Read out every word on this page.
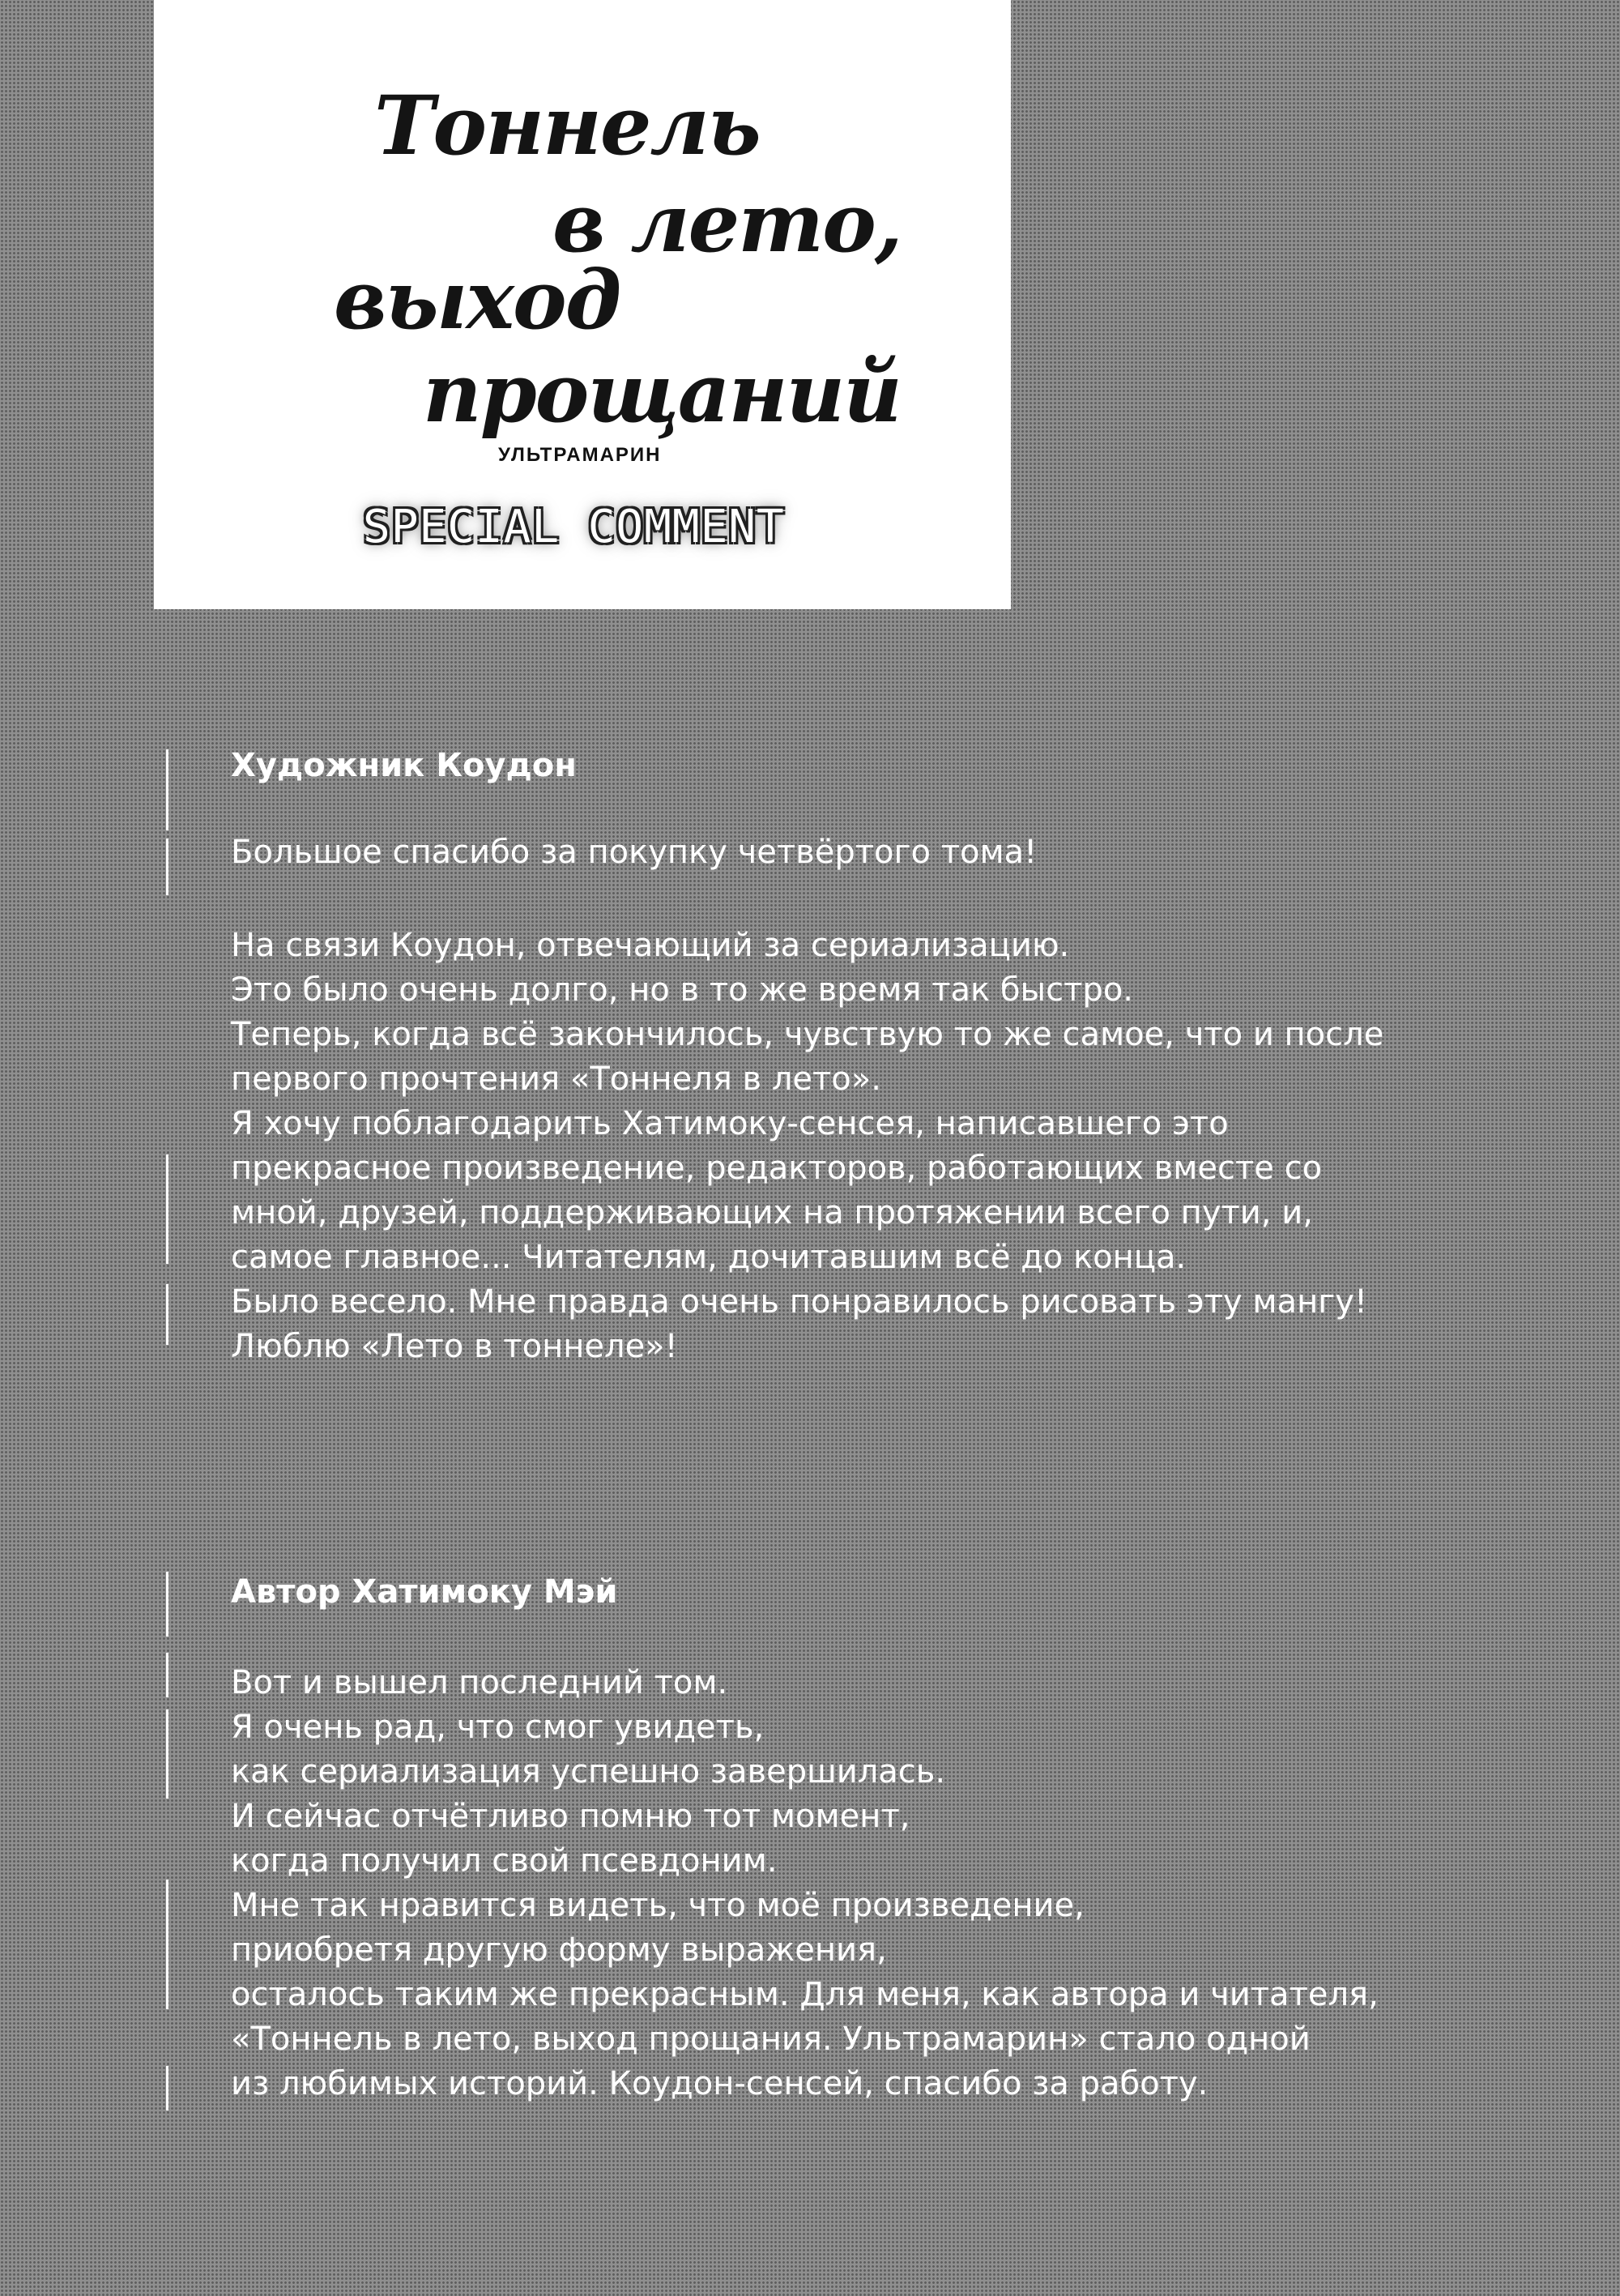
Тоннель
в лето,
выход
прощаний

УЛЬТРАМАРИН

SPECIAL COMMENT

Художник Коудон

Большое спасибо за покупку четвёртого тома!

На связи Коудон, отвечающий за сериализацию.
Это было очень долго, но в то же время так быстро.
Теперь, когда всё закончилось, чувствую то же самое, что и после
первого прочтения «Тоннеля в лето».
Я хочу поблагодарить Хатимоку-сенсея, написавшего это
прекрасное произведение, редакторов, работающих вместе со
мной, друзей, поддерживающих на протяжении всего пути, и,
самое главное... Читателям, дочитавшим всё до конца.
Было весело. Мне правда очень понравилось рисовать эту мангу!
Люблю «Лето в тоннеле»!
Автор Хатимоку Мэй
Вот и вышел последний том.
Я очень рад, что смог увидеть,
как сериализация успешно завершилась.
И сейчас отчётливо помню тот момент,
когда получил свой псевдоним.
Мне так нравится видеть, что моё произведение,
приобретя другую форму выражения,
осталось таким же прекрасным. Для меня, как автора и читателя,
«Тоннель в лето, выход прощания. Ультрамарин» стало одной
из любимых историй. Коудон-сенсей, спасибо за работу.
